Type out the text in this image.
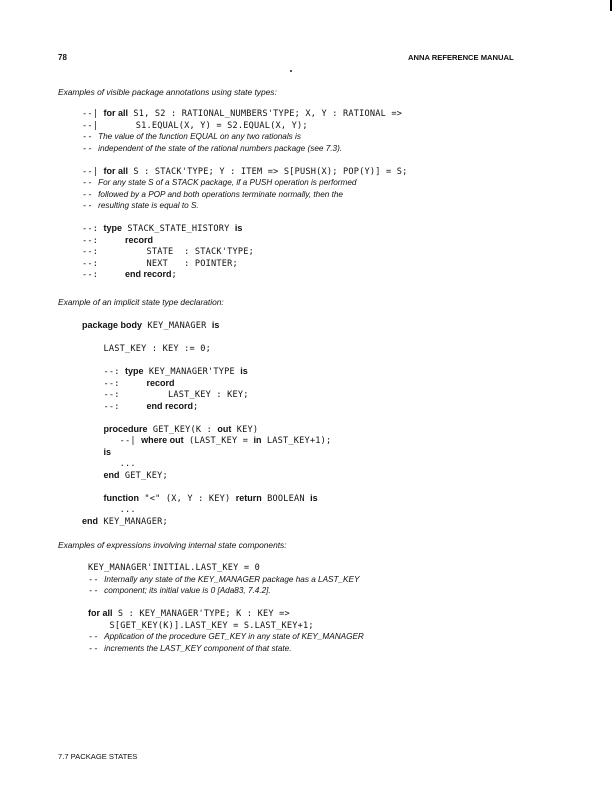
78	ANNA REFERENCE MANUAL
Examples of visible package annotations using state types:
--| for all S1, S2 : RATIONAL_NUMBERS'TYPE; X, Y : RATIONAL =>
--|       S1.EQUAL(X, Y) = S2.EQUAL(X, Y);
-- The value of the function EQUAL on any two rationals is
-- independent of the state of the rational numbers package (see 7.3).
--| for all S : STACK'TYPE; Y : ITEM => S[PUSH(X); POP(Y)] = S;
-- For any state S of a STACK package, if a PUSH operation is performed
-- followed by a POP and both operations terminate normally, then the
-- resulting state is equal to S.
--: type STACK_STATE_HISTORY is
--:     record
--:         STATE  : STACK'TYPE;
--:         NEXT   : POINTER;
--:     end record;
Example of an implicit state type declaration:
package body KEY_MANAGER is
LAST_KEY : KEY := 0;
--: type KEY_MANAGER'TYPE is
--:     record
--:         LAST_KEY : KEY;
--:     end record;
procedure GET_KEY(K : out KEY)
--| where out (LAST_KEY = in LAST_KEY+1);
is
...
end GET_KEY;
function "<" (X, Y : KEY) return BOOLEAN is
...
end KEY_MANAGER;
Examples of expressions involving internal state components:
KEY_MANAGER'INITIAL.LAST_KEY = 0
-- Internally any state of the KEY_MANAGER package has a LAST_KEY
-- component; its initial value is 0 [Ada83, 7.4.2].
for all S : KEY_MANAGER'TYPE; K : KEY =>
S[GET_KEY(K)].LAST_KEY = S.LAST_KEY+1;
-- Application of the procedure GET_KEY in any state of KEY_MANAGER
-- increments the LAST_KEY component of that state.
7.7 PACKAGE STATES
